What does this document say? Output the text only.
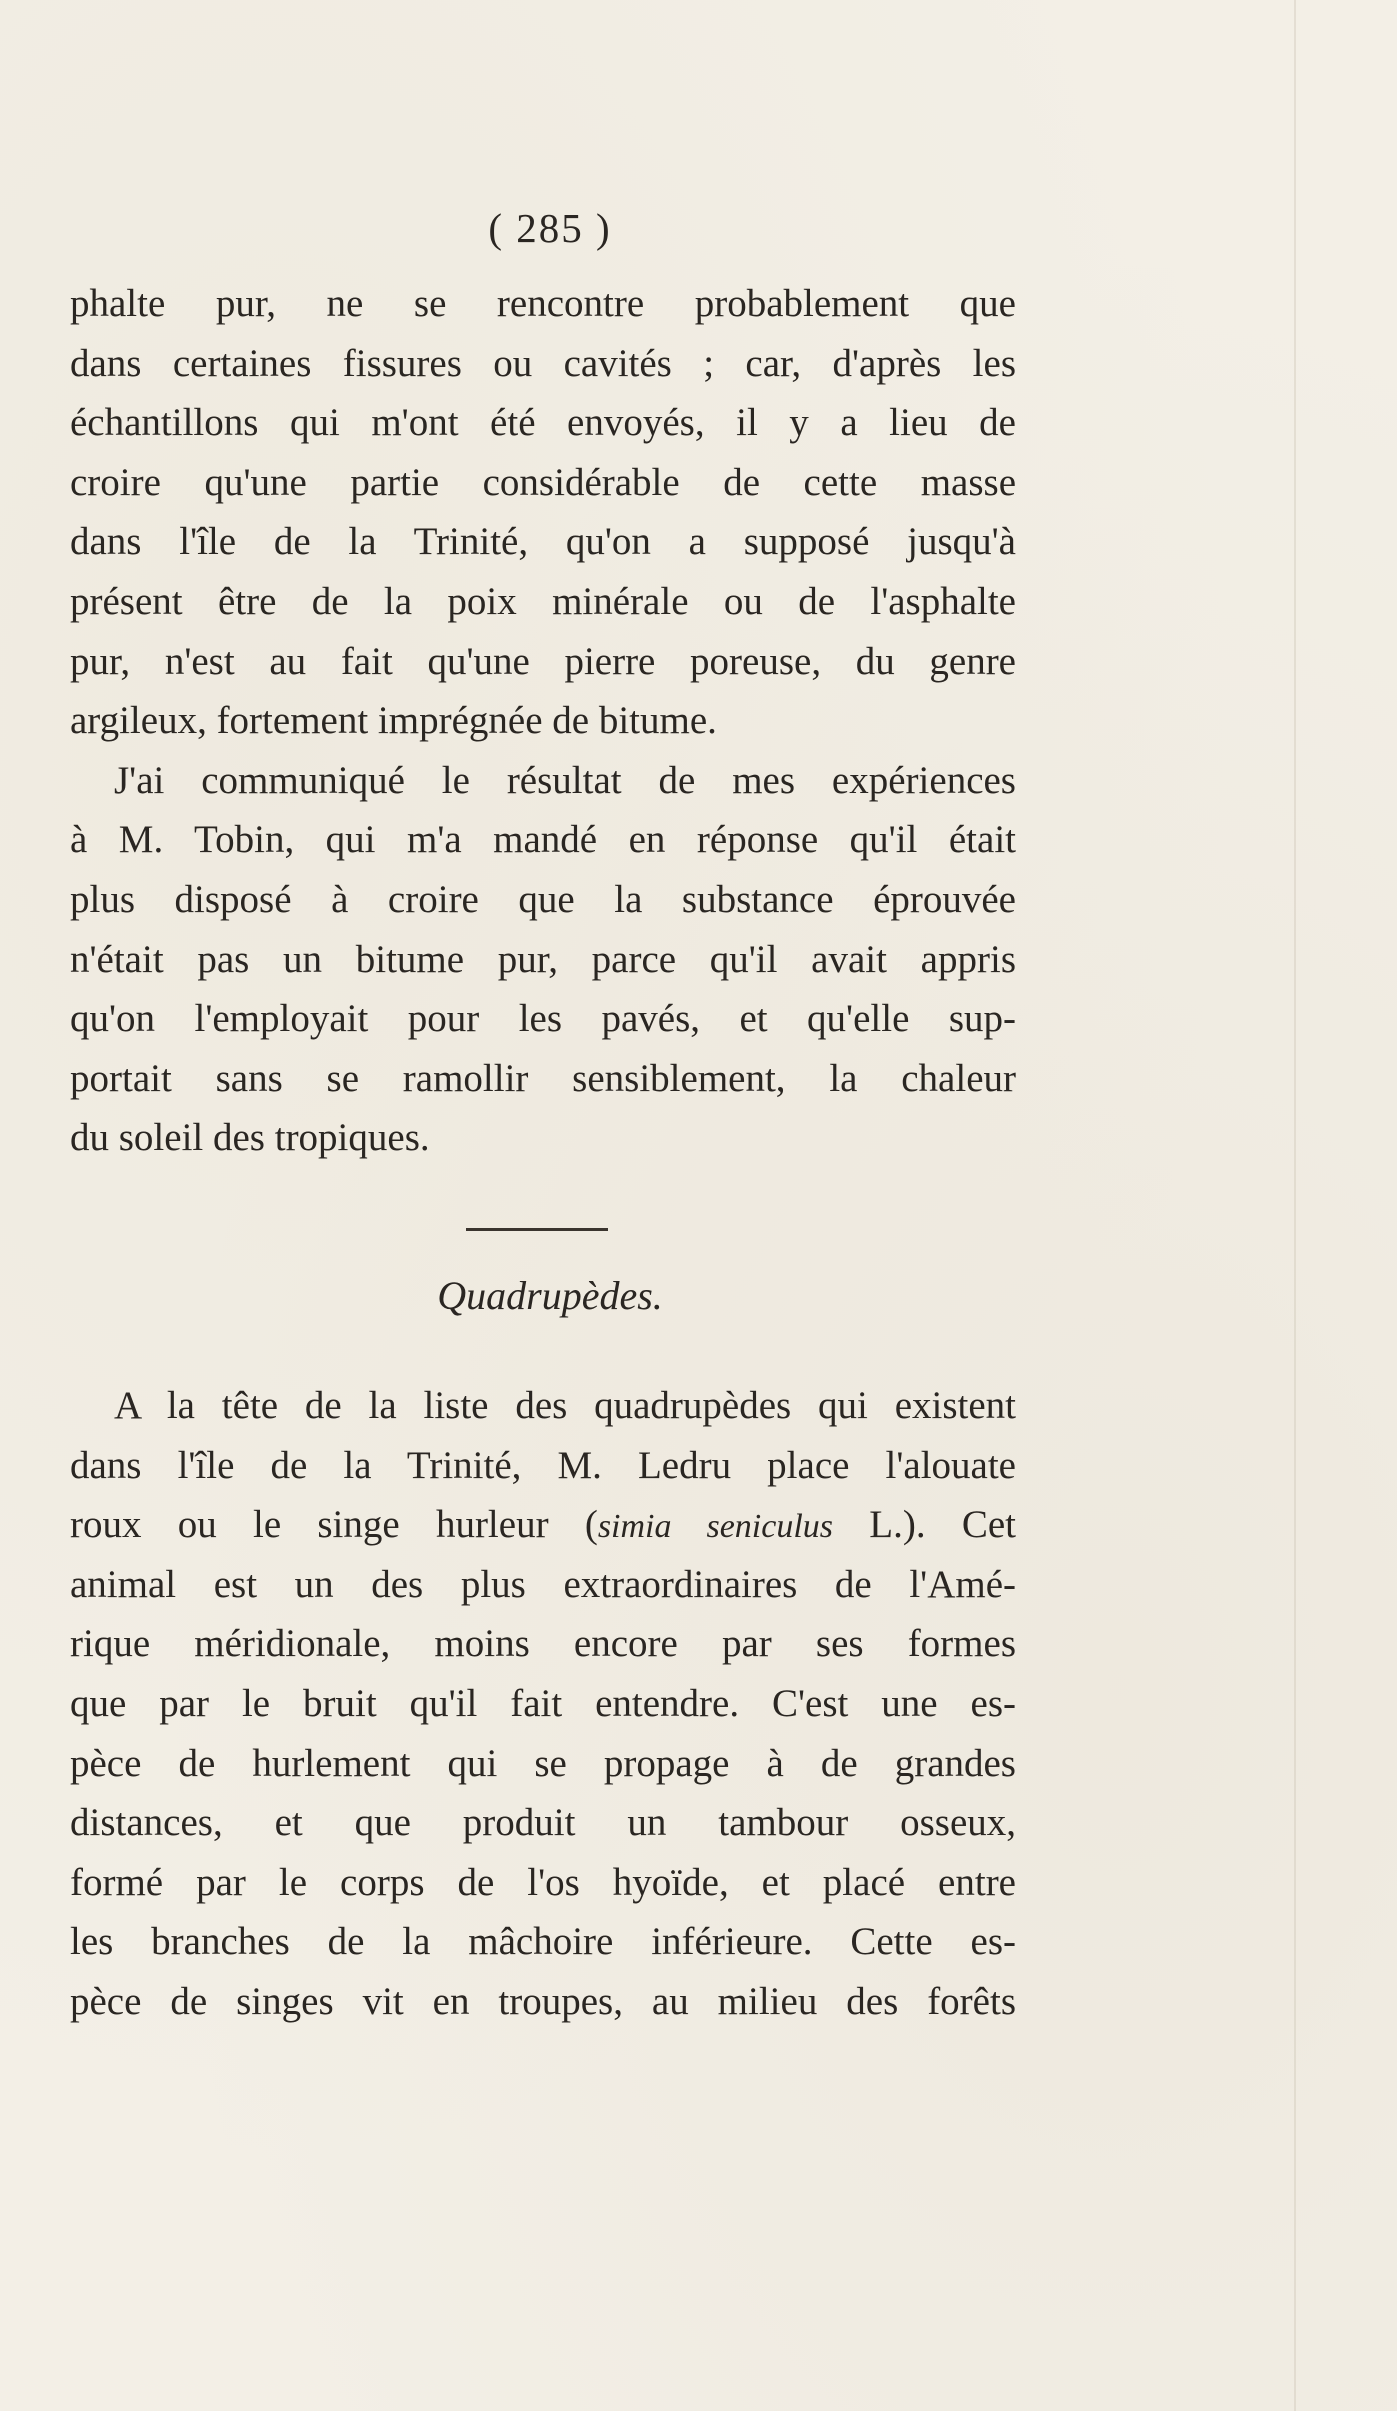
( 285 )
phalte pur, ne se rencontre probablement que
dans certaines fissures ou cavités ; car, d'après les
échantillons qui m'ont été envoyés, il y a lieu de
croire qu'une partie considérable de cette masse
dans l'île de la Trinité, qu'on a supposé jusqu'à
présent être de la poix minérale ou de l'asphalte
pur, n'est au fait qu'une pierre poreuse, du genre
argileux, fortement imprégnée de bitume.
J'ai communiqué le résultat de mes expériences
à M. Tobin, qui m'a mandé en réponse qu'il était
plus disposé à croire que la substance éprouvée
n'était pas un bitume pur, parce qu'il avait appris
qu'on l'employait pour les pavés, et qu'elle sup-
portait sans se ramollir sensiblement, la chaleur
du soleil des tropiques.
Quadrupèdes.
A la tête de la liste des quadrupèdes qui existent
dans l'île de la Trinité, M. Ledru place l'alouate
roux ou le singe hurleur (simia seniculus L.). Cet
animal est un des plus extraordinaires de l'Amé-
rique méridionale, moins encore par ses formes
que par le bruit qu'il fait entendre. C'est une es-
pèce de hurlement qui se propage à de grandes
distances, et que produit un tambour osseux,
formé par le corps de l'os hyoïde, et placé entre
les branches de la mâchoire inférieure. Cette es-
pèce de singes vit en troupes, au milieu des forêts
